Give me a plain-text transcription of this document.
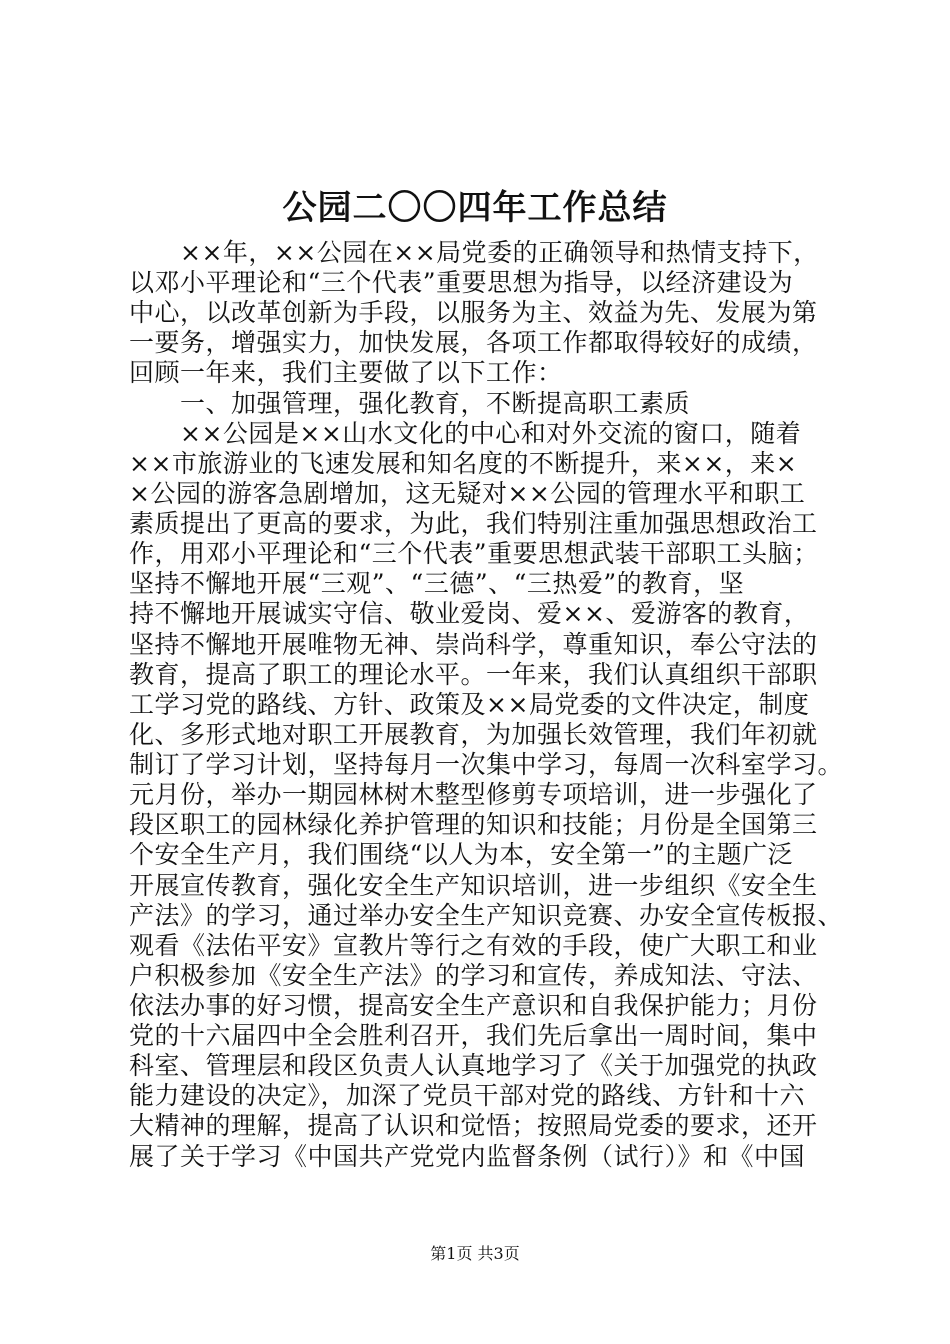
公园二〇〇四年工作总结
　　××年，××公园在××局党委的正确领导和热情支持下，
以邓小平理论和“三个代表”重要思想为指导，以经济建设为
中心，以改革创新为手段，以服务为主、效益为先、发展为第
一要务，增强实力，加快发展，各项工作都取得较好的成绩，
回顾一年来，我们主要做了以下工作：
　　一、加强管理，强化教育，不断提高职工素质
　　××公园是××山水文化的中心和对外交流的窗口，随着
××市旅游业的飞速发展和知名度的不断提升，来××，来×
×公园的游客急剧增加，这无疑对××公园的管理水平和职工
素质提出了更高的要求，为此，我们特别注重加强思想政治工
作，用邓小平理论和“三个代表”重要思想武装干部职工头脑；
坚持不懈地开展“三观”、“三德”、“三热爱”的教育，坚
持不懈地开展诚实守信、敬业爱岗、爱××、爱游客的教育，
坚持不懈地开展唯物无神、崇尚科学，尊重知识，奉公守法的
教育，提高了职工的理论水平。一年来，我们认真组织干部职
工学习党的路线、方针、政策及××局党委的文件决定，制度
化、多形式地对职工开展教育，为加强长效管理，我们年初就
制订了学习计划，坚持每月一次集中学习，每周一次科室学习。
元月份，举办一期园林树木整型修剪专项培训，进一步强化了
段区职工的园林绿化养护管理的知识和技能；月份是全国第三
个安全生产月，我们围绕“以人为本，安全第一”的主题广泛
开展宣传教育，强化安全生产知识培训，进一步组织《安全生
产法》的学习，通过举办安全生产知识竞赛、办安全宣传板报、
观看《法佑平安》宣教片等行之有效的手段，使广大职工和业
户积极参加《安全生产法》的学习和宣传，养成知法、守法、
依法办事的好习惯，提高安全生产意识和自我保护能力；月份
党的十六届四中全会胜利召开，我们先后拿出一周时间，集中
科室、管理层和段区负责人认真地学习了《关于加强党的执政
能力建设的决定》，加深了党员干部对党的路线、方针和十六
大精神的理解，提高了认识和觉悟；按照局党委的要求，还开
展了关于学习《中国共产党党内监督条例（试行）》和《中国
第1页 共3页
